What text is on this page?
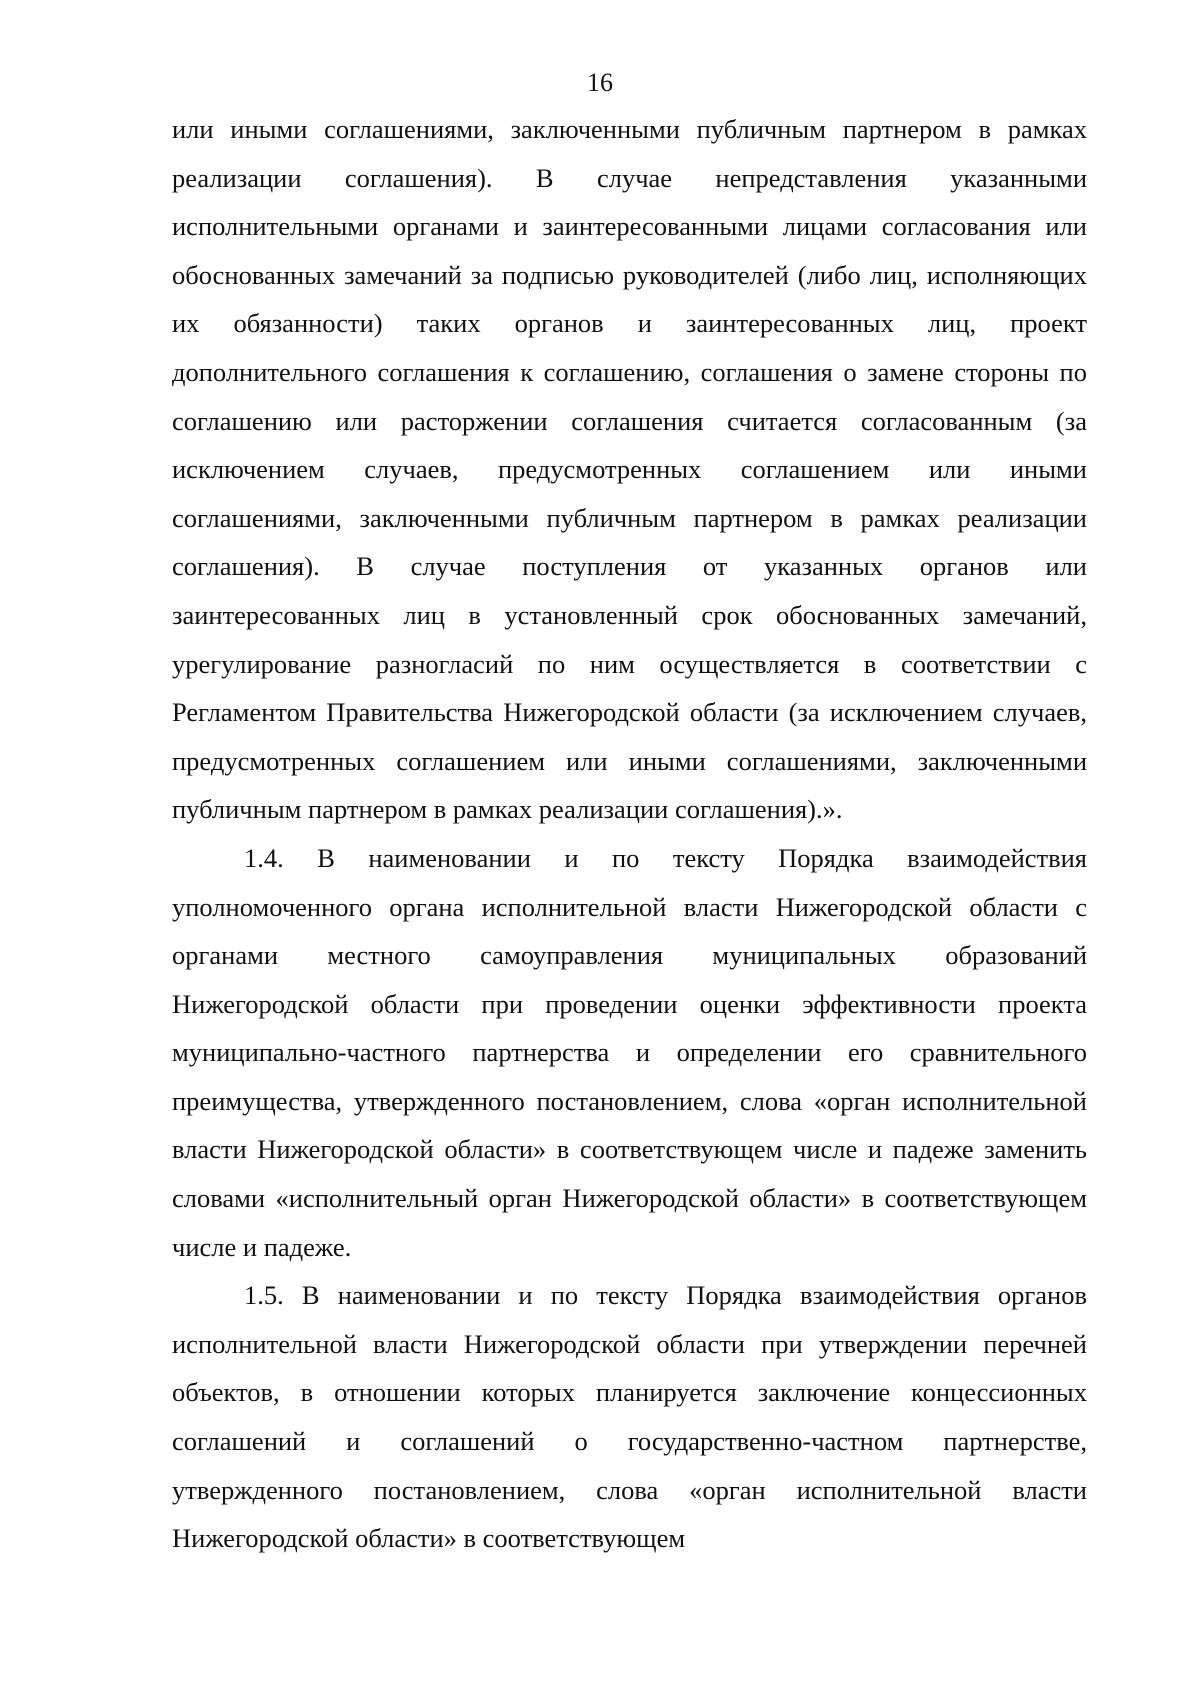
16

или иными соглашениями, заключенными публичным партнером в рамках реализации соглашения). В случае непредставления указанными исполнительными органами и заинтересованными лицами согласования или обоснованных замечаний за подписью руководителей (либо лиц, исполняющих их обязанности) таких органов и заинтересованных лиц, проект дополнительного соглашения к соглашению, соглашения о замене стороны по соглашению или расторжении соглашения считается согласованным (за исключением случаев, предусмотренных соглашением или иными соглашениями, заключенными публичным партнером в рамках реализации соглашения). В случае поступления от указанных органов или заинтересованных лиц в установленный срок обоснованных замечаний, урегулирование разногласий по ним осуществляется в соответствии с Регламентом Правительства Нижегородской области (за исключением случаев, предусмотренных соглашением или иными соглашениями, заключенными публичным партнером в рамках реализации соглашения).».

1.4. В наименовании и по тексту Порядка взаимодействия уполномоченного органа исполнительной власти Нижегородской области с органами местного самоуправления муниципальных образований Нижегородской области при проведении оценки эффективности проекта муниципально-частного партнерства и определении его сравнительного преимущества, утвержденного постановлением, слова «орган исполнительной власти Нижегородской области» в соответствующем числе и падеже заменить словами «исполнительный орган Нижегородской области» в соответствующем числе и падеже.

1.5. В наименовании и по тексту Порядка взаимодействия органов исполнительной власти Нижегородской области при утверждении перечней объектов, в отношении которых планируется заключение концессионных соглашений и соглашений о государственно-частном партнерстве, утвержденного постановлением, слова «орган исполнительной власти Нижегородской области» в соответствующем
